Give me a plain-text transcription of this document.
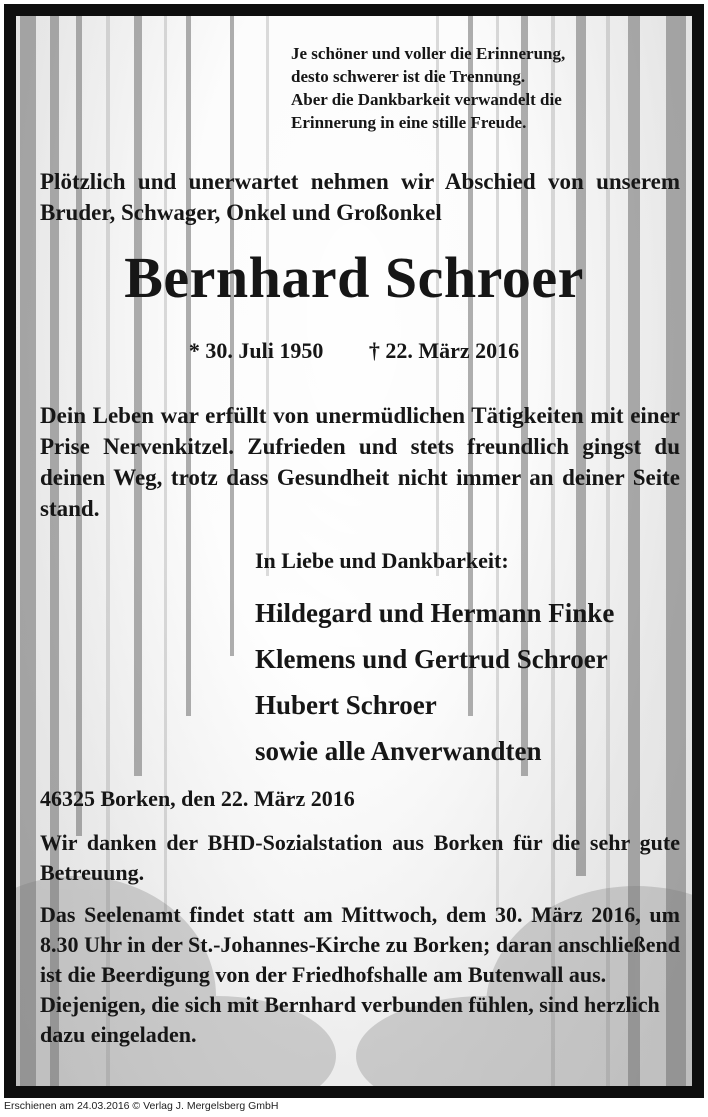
Je schöner und voller die Erinnerung,
desto schwerer ist die Trennung.
Aber die Dankbarkeit verwandelt die
Erinnerung in eine stille Freude.
Plötzlich und unerwartet nehmen wir Abschied von unserem Bruder, Schwager, Onkel und Großonkel
Bernhard Schroer
* 30. Juli 1950 † 22. März 2016
Dein Leben war erfüllt von unermüdlichen Tätigkeiten mit einer Prise Nervenkitzel. Zufrieden und stets freundlich gingst du deinen Weg, trotz dass Gesundheit nicht immer an deiner Seite stand.
In Liebe und Dankbarkeit:
Hildegard und Hermann Finke
Klemens und Gertrud Schroer
Hubert Schroer
sowie alle Anverwandten
46325 Borken, den 22. März 2016
Wir danken der BHD-Sozialstation aus Borken für die sehr gute Betreuung.
Das Seelenamt findet statt am Mittwoch, dem 30. März 2016, um 8.30 Uhr in der St.-Johannes-Kirche zu Borken; daran anschließend ist die Beerdigung von der Friedhofshalle am Butenwall aus.
Diejenigen, die sich mit Bernhard verbunden fühlen, sind herzlich dazu eingeladen.
Erschienen am 24.03.2016 © Verlag J. Mergelsberg GmbH
